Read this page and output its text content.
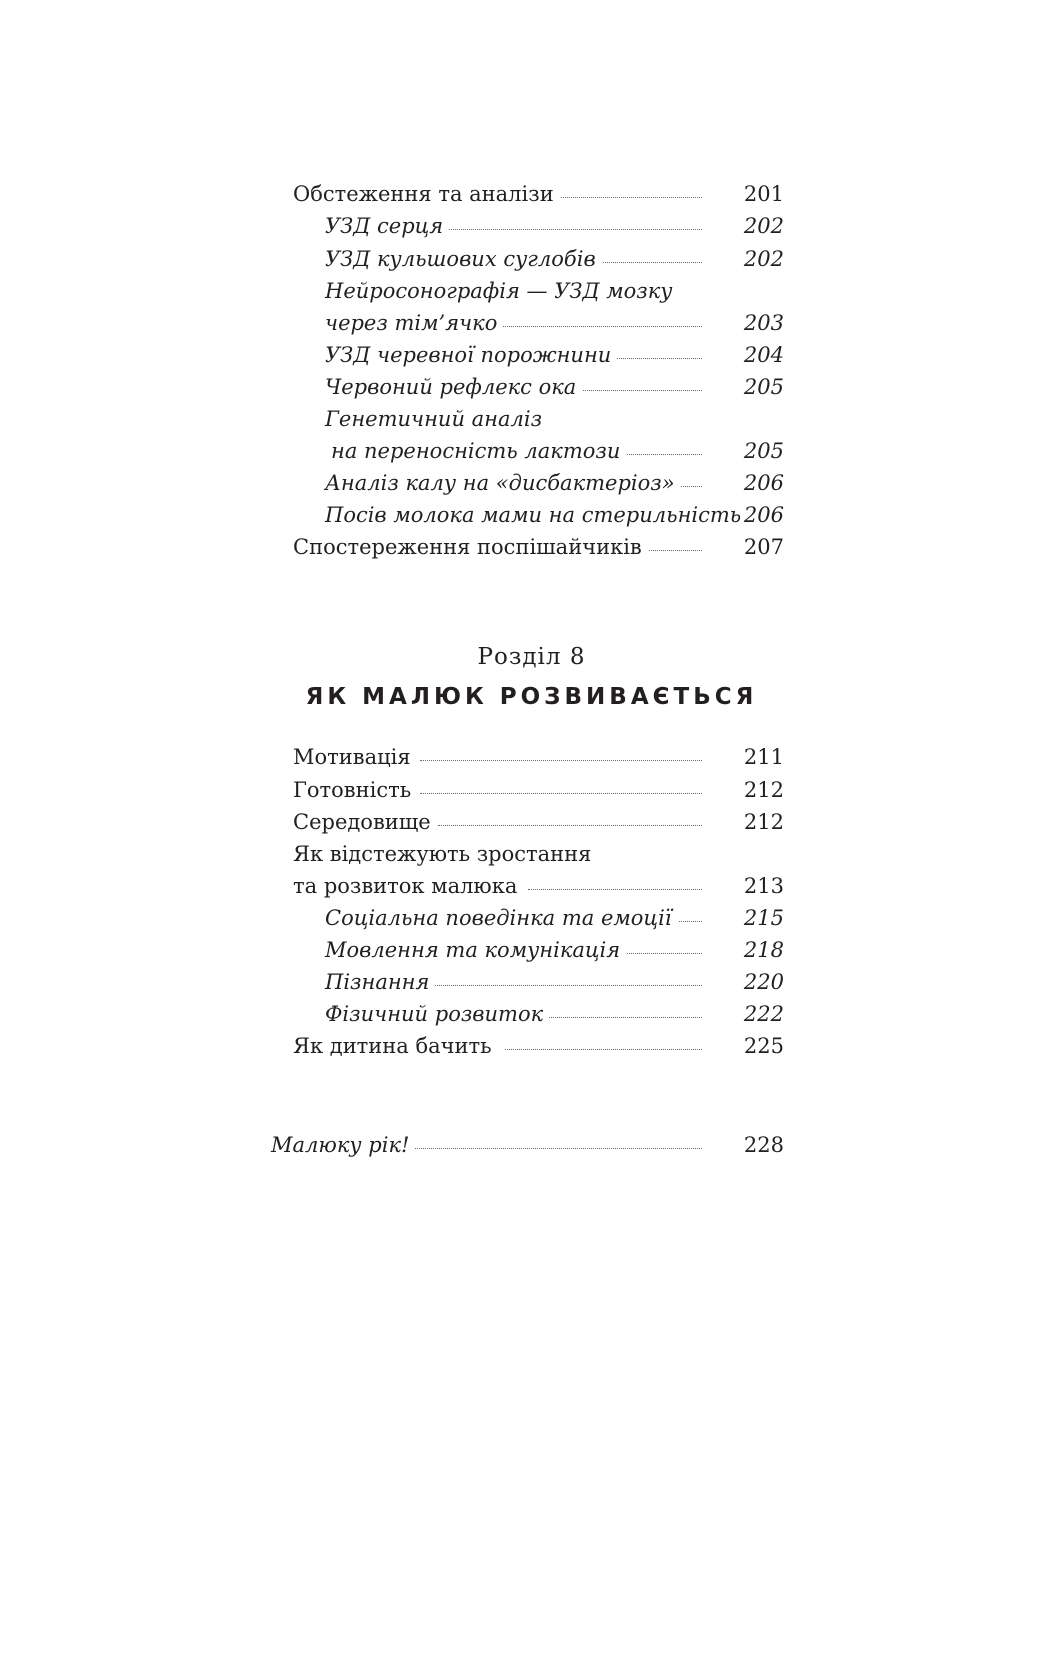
Обстеження та аналізи	201
УЗД серця	202
УЗД кульшових суглобів	202
Нейросонографія — УЗД мозку
через тім’ячко	203
УЗД черевної порожнини	204
Червоний рефлекс ока	205
Генетичний аналіз
на переносність лактози	205
Аналіз калу на «дисбактеріоз»	206
Посів молока мами на стерильність 206
Спостереження поспішайчиків	207
Розділ 8
ЯК МАЛЮК РОЗВИВАЄТЬСЯ
Мотивація	211
Готовність	212
Середовище	212
Як відстежують зростання
та розвиток малюка	213
Соціальна поведінка та емоції	215
Мовлення та комунікація	218
Пізнання	220
Фізичний розвиток	222
Як дитина бачить	225
Малюку рік!	228
